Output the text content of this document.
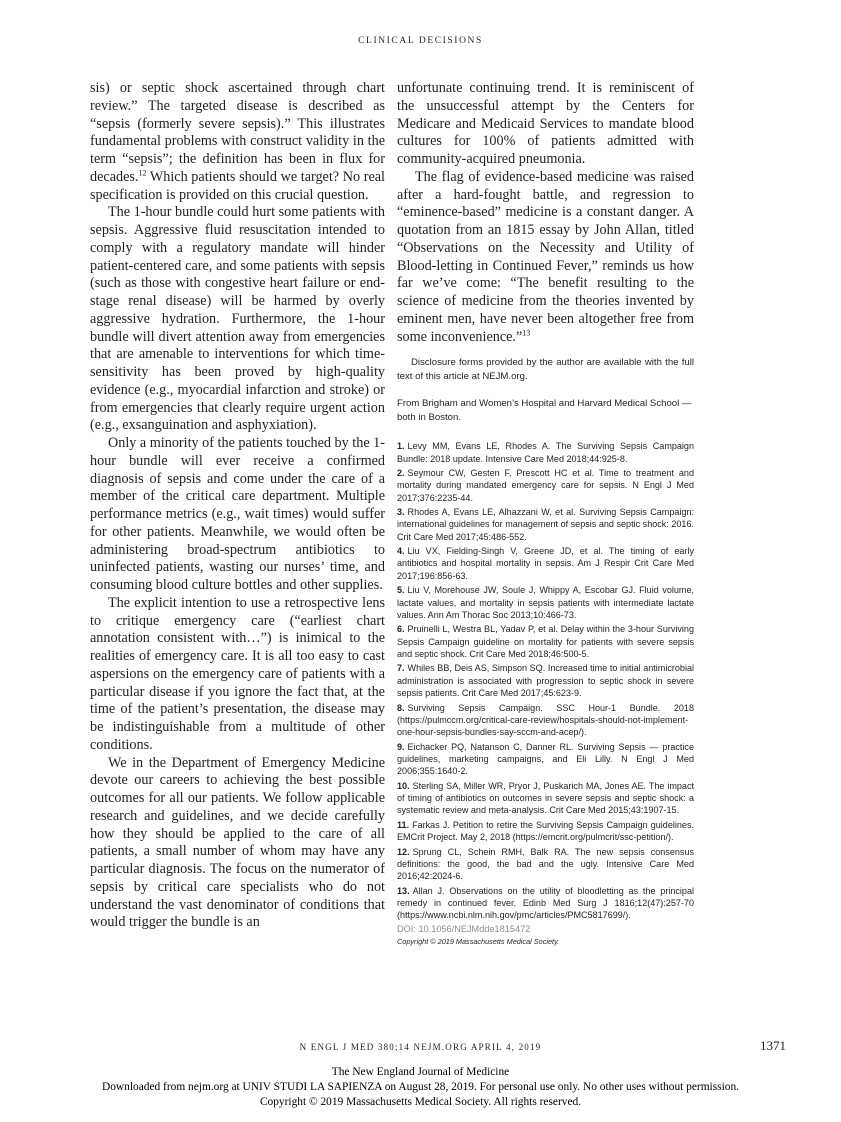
CLINICAL DECISIONS

sis) or septic shock ascertained through chart review.” The targeted disease is described as “sepsis (formerly severe sepsis).” This illustrates fundamental problems with construct validity in the term “sepsis”; the definition has been in flux for decades.$^{12}$ Which patients should we target? No real specification is provided on this crucial question.

The 1-hour bundle could hurt some patients with sepsis. Aggressive fluid resuscitation intended to comply with a regulatory mandate will hinder patient-centered care, and some patients with sepsis (such as those with congestive heart failure or end-stage renal disease) will be harmed by overly aggressive hydration. Furthermore, the 1-hour bundle will divert attention away from emergencies that are amenable to interventions for which time-sensitivity has been proved by high-quality evidence (e.g., myocardial infarction and stroke) or from emergencies that clearly require urgent action (e.g., exsanguination and asphyxiation).

Only a minority of the patients touched by the 1-hour bundle will ever receive a confirmed diagnosis of sepsis and come under the care of a member of the critical care department. Multiple performance metrics (e.g., wait times) would suffer for other patients. Meanwhile, we would often be administering broad-spectrum antibiotics to uninfected patients, wasting our nurses’ time, and consuming blood culture bottles and other supplies.

The explicit intention to use a retrospective lens to critique emergency care (“earliest chart annotation consistent with…”) is inimical to the realities of emergency care. It is all too easy to cast aspersions on the emergency care of patients with a particular disease if you ignore the fact that, at the time of the patient’s presentation, the disease may be indistinguishable from a multitude of other conditions.

We in the Department of Emergency Medicine devote our careers to achieving the best possible outcomes for all our patients. We follow applicable research and guidelines, and we decide carefully how they should be applied to the care of all patients, a small number of whom may have any particular diagnosis. The focus on the numerator of sepsis by critical care specialists who do not understand the vast denominator of conditions that would trigger the bundle is an

unfortunate continuing trend. It is reminiscent of the unsuccessful attempt by the Centers for Medicare and Medicaid Services to mandate blood cultures for 100% of patients admitted with community-acquired pneumonia.

The flag of evidence-based medicine was raised after a hard-fought battle, and regression to “eminence-based” medicine is a constant danger. A quotation from an 1815 essay by John Allan, titled “Observations on the Necessity and Utility of Blood-letting in Continued Fever,” reminds us how far we’ve come: “The benefit resulting to the science of medicine from the theories invented by eminent men, have never been altogether free from some inconvenience.”$^{13}$

Disclosure forms provided by the author are available with the full text of this article at NEJM.org.

From Brigham and Women’s Hospital and Harvard Medical School — both in Boston.

1. Levy MM, Evans LE, Rhodes A. The Surviving Sepsis Campaign Bundle: 2018 update. Intensive Care Med 2018;44:925-8.
2. Seymour CW, Gesten F, Prescott HC et al. Time to treatment and mortality during mandated emergency care for sepsis. N Engl J Med 2017;376:2235-44.
3. Rhodes A, Evans LE, Alhazzani W, et al. Surviving Sepsis Campaign: international guidelines for management of sepsis and septic shock: 2016. Crit Care Med 2017;45:486-552.
4. Liu VX, Fielding-Singh V, Greene JD, et al. The timing of early antibiotics and hospital mortality in sepsis. Am J Respir Crit Care Med 2017;196:856-63.
5. Liu V, Morehouse JW, Soule J, Whippy A, Escobar GJ. Fluid volume, lactate values, and mortality in sepsis patients with intermediate lactate values. Ann Am Thorac Soc 2013;10:466-73.
6. Pruinelli L, Westra BL, Yadav P, et al. Delay within the 3-hour Surviving Sepsis Campaign guideline on mortality for patients with severe sepsis and septic shock. Crit Care Med 2018;46:500-5.
7. Whiles BB, Deis AS, Simpson SQ. Increased time to initial antimicrobial administration is associated with progression to septic shock in severe sepsis patients. Crit Care Med 2017;45:623-9.
8. Surviving Sepsis Campaign. SSC Hour-1 Bundle. 2018 (https://pulmccm.org/critical-care-review/hospitals-should-not-implement-one-hour-sepsis-bundles-say-sccm-and-acep/).
9. Eichacker PQ, Natanson C, Danner RL. Surviving Sepsis — practice guidelines, marketing campaigns, and Eli Lilly. N Engl J Med 2006;355:1640-2.
10. Sterling SA, Miller WR, Pryor J, Puskarich MA, Jones AE. The impact of timing of antibiotics on outcomes in severe sepsis and septic shock: a systematic review and meta-analysis. Crit Care Med 2015;43:1907-15.
11. Farkas J. Petition to retire the Surviving Sepsis Campaign guidelines. EMCrit Project. May 2, 2018 (https://emcrit.org/pulmcrit/ssc-petition/).
12. Sprung CL, Schein RMH, Balk RA. The new sepsis consensus definitions: the good, the bad and the ugly. Intensive Care Med 2016;42:2024-6.
13. Allan J. Observations on the utility of bloodletting as the principal remedy in continued fever. Edinb Med Surg J 1816;12(47):257-70 (https://www.ncbi.nlm.nih.gov/pmc/articles/PMC5817699/).
DOI: 10.1056/NEJMdde1815472
Copyright © 2019 Massachusetts Medical Society.
N ENGL J MED 380;14 NEJM.ORG APRIL 4, 2019	1371
The New England Journal of Medicine
Downloaded from nejm.org at UNIV STUDI LA SAPIENZA on August 28, 2019. For personal use only. No other uses without permission.
Copyright © 2019 Massachusetts Medical Society. All rights reserved.
